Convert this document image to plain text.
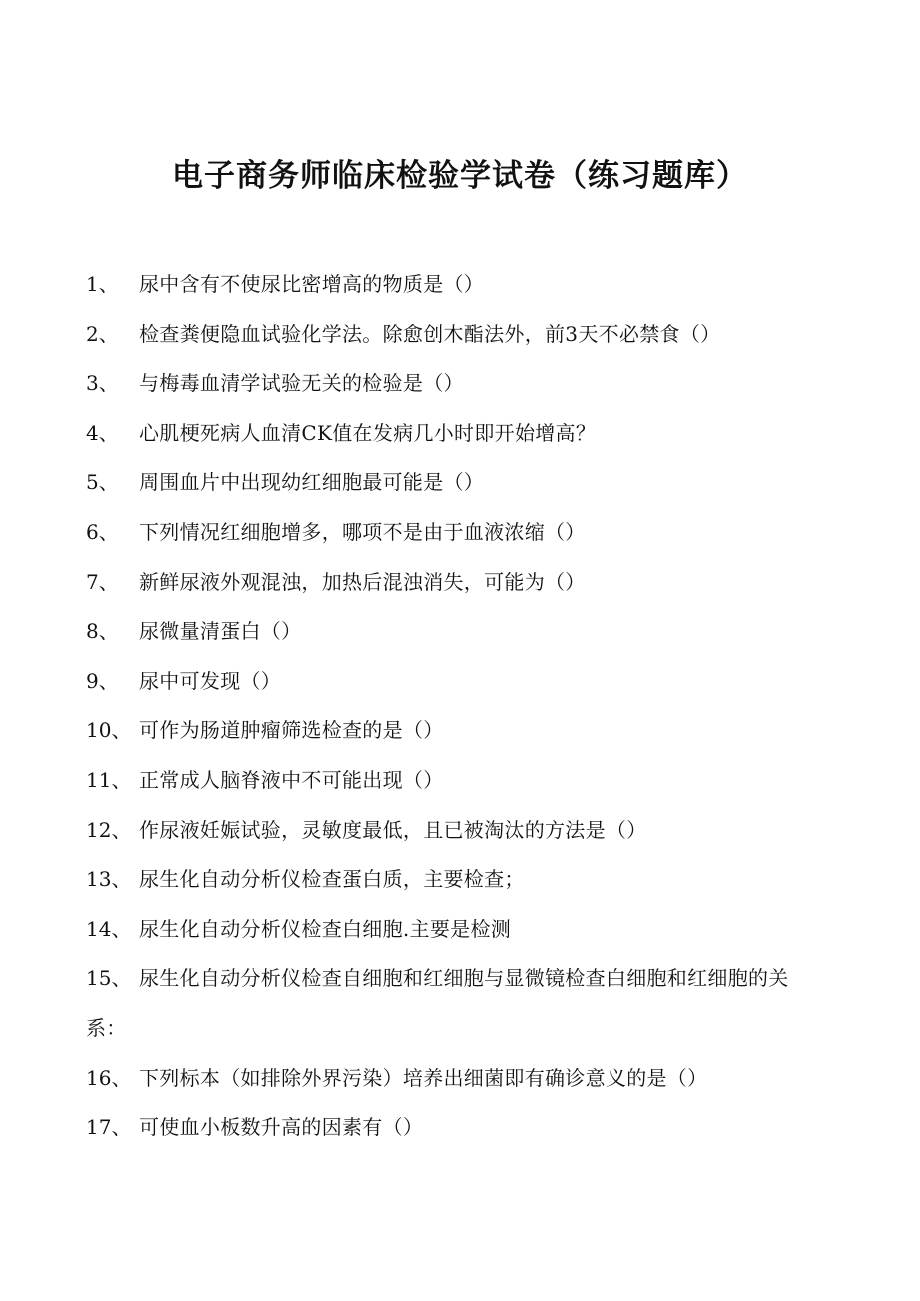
电子商务师临床检验学试卷（练习题库）
1、 尿中含有不使尿比密增高的物质是（）
2、 检查粪便隐血试验化学法。除愈创木酯法外，前3天不必禁食（）
3、 与梅毒血清学试验无关的检验是（）
4、 心肌梗死病人血清CK值在发病几小时即开始增高？
5、 周围血片中出现幼红细胞最可能是（）
6、 下列情况红细胞增多，哪项不是由于血液浓缩（）
7、 新鲜尿液外观混浊，加热后混浊消失，可能为（）
8、 尿微量清蛋白（）
9、 尿中可发现（）
10、 可作为肠道肿瘤筛选检查的是（）
11、 正常成人脑脊液中不可能出现（）
12、 作尿液妊娠试验，灵敏度最低，且已被淘汰的方法是（）
13、 尿生化自动分析仪检查蛋白质，主要检查；
14、 尿生化自动分析仪检查白细胞.主要是检测
15、 尿生化自动分析仪检查自细胞和红细胞与显微镜检查白细胞和红细胞的关系：
16、 下列标本（如排除外界污染）培养出细菌即有确诊意义的是（）
17、 可使血小板数升高的因素有（）
